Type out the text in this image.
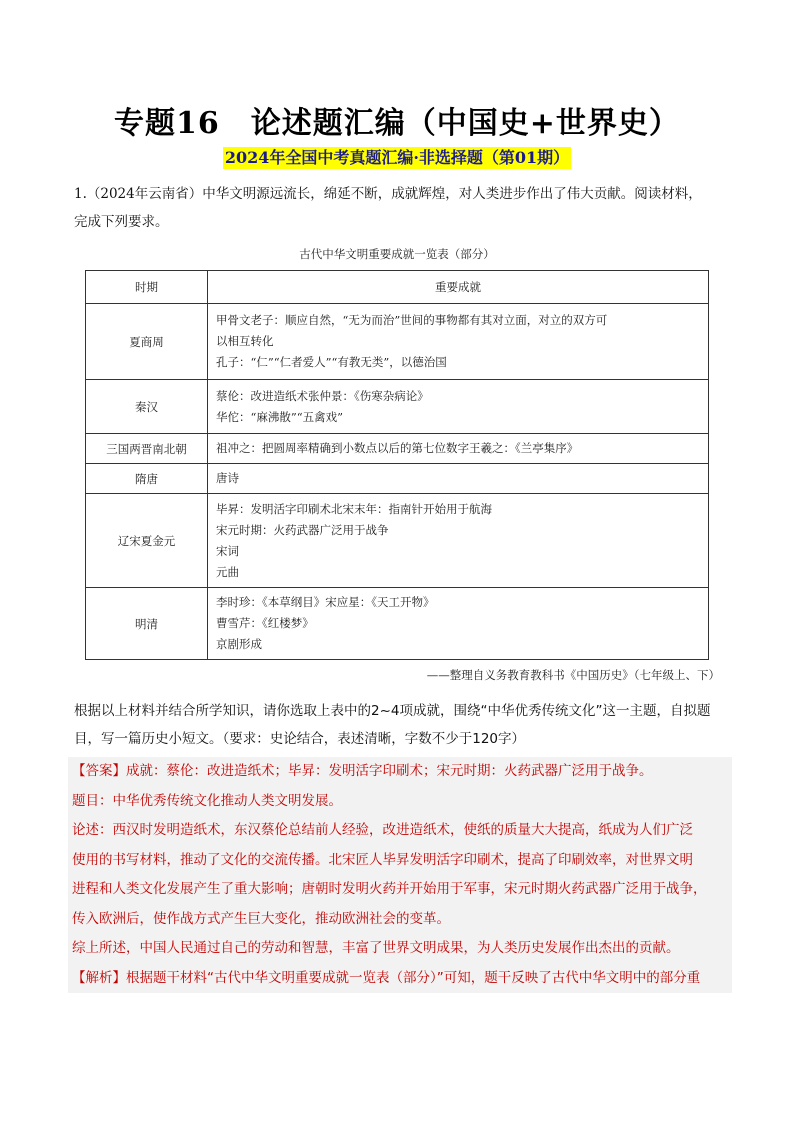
专题16　论述题汇编（中国史+世界史）
2024年全国中考真题汇编·非选择题（第01期）
1.（2024年云南省）中华文明源远流长，绵延不断，成就辉煌，对人类进步作出了伟大贡献。阅读材料，
完成下列要求。
古代中华文明重要成就一览表（部分）
时期	重要成就
夏商周	甲骨文老子：顺应自然，“无为而治”世间的事物都有其对立面，对立的双方可
以相互转化
孔子：“仁”“仁者爱人”“有教无类”，以德治国

秦汉	蔡伦：改进造纸术张仲景：《伤寒杂病论》
华佗：“麻沸散”“五禽戏”

三国两晋南北朝	祖冲之：把圆周率精确到小数点以后的第七位数字王羲之：《兰亭集序》

隋唐	唐诗

辽宋夏金元	毕昇：发明活字印刷术北宋末年：指南针开始用于航海
宋元时期：火药武器广泛用于战争
宋词
元曲

明清	李时珍：《本草纲目》宋应星：《天工开物》
曹雪芹：《红楼梦》
京剧形成
——整理自义务教育教科书《中国历史》（七年级上、下）
根据以上材料并结合所学知识，请你选取上表中的2~4项成就，围绕“中华优秀传统文化”这一主题，自拟题
目，写一篇历史小短文。（要求：史论结合，表述清晰，字数不少于120字）

【答案】成就：蔡伦：改进造纸术；毕昇：发明活字印刷术；宋元时期：火药武器广泛用于战争。

题目：中华优秀传统文化推动人类文明发展。

论述：西汉时发明造纸术，东汉蔡伦总结前人经验，改进造纸术，使纸的质量大大提高，纸成为人们广泛

使用的书写材料，推动了文化的交流传播。北宋匠人毕昇发明活字印刷术，提高了印刷效率，对世界文明

进程和人类文化发展产生了重大影响；唐朝时发明火药并开始用于军事，宋元时期火药武器广泛用于战争，

传入欧洲后，使作战方式产生巨大变化，推动欧洲社会的变革。

综上所述，中国人民通过自己的劳动和智慧，丰富了世界文明成果，为人类历史发展作出杰出的贡献。

【解析】根据题干材料“古代中华文明重要成就一览表（部分）”可知，题干反映了古代中华文明中的部分重
